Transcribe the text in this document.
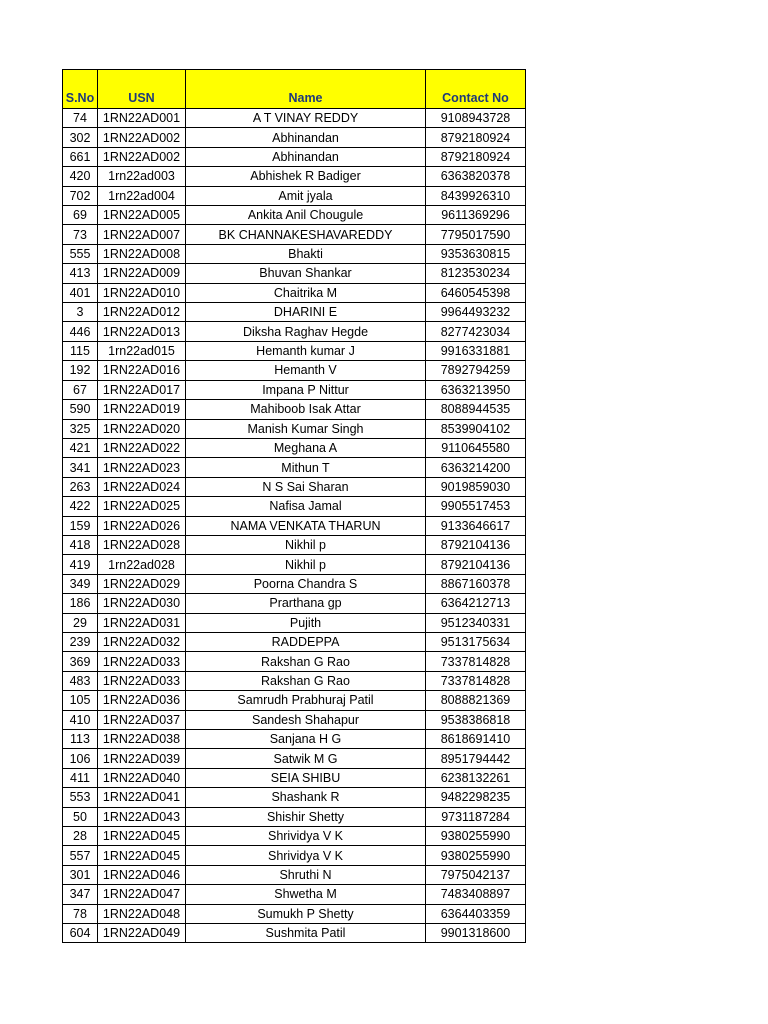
S.No	USN	Name	Contact No
74	1RN22AD001	A T VINAY REDDY	9108943728
302	1RN22AD002	Abhinandan	8792180924
661	1RN22AD002	Abhinandan	8792180924
420	1rn22ad003	Abhishek R Badiger	6363820378
702	1rn22ad004	Amit jyala	8439926310
69	1RN22AD005	Ankita Anil Chougule	9611369296
73	1RN22AD007	BK CHANNAKESHAVAREDDY	7795017590
555	1RN22AD008	Bhakti	9353630815
413	1RN22AD009	Bhuvan Shankar	8123530234
401	1RN22AD010	Chaitrika M	6460545398
3	1RN22AD012	DHARINI E	9964493232
446	1RN22AD013	Diksha Raghav Hegde	8277423034
115	1rn22ad015	Hemanth kumar J	9916331881
192	1RN22AD016	Hemanth V	7892794259
67	1RN22AD017	Impana P Nittur	6363213950
590	1RN22AD019	Mahiboob Isak Attar	8088944535
325	1RN22AD020	Manish Kumar Singh	8539904102
421	1RN22AD022	Meghana A	9110645580
341	1RN22AD023	Mithun T	6363214200
263	1RN22AD024	N S Sai Sharan	9019859030
422	1RN22AD025	Nafisa Jamal	9905517453
159	1RN22AD026	NAMA VENKATA THARUN	9133646617
418	1RN22AD028	Nikhil p	8792104136
419	1rn22ad028	Nikhil p	8792104136
349	1RN22AD029	Poorna Chandra S	8867160378
186	1RN22AD030	Prarthana gp	6364212713
29	1RN22AD031	Pujith	9512340331
239	1RN22AD032	RADDEPPA	9513175634
369	1RN22AD033	Rakshan G Rao	7337814828
483	1RN22AD033	Rakshan G Rao	7337814828
105	1RN22AD036	Samrudh Prabhuraj Patil	8088821369
410	1RN22AD037	Sandesh Shahapur	9538386818
113	1RN22AD038	Sanjana H G	8618691410
106	1RN22AD039	Satwik M G	8951794442
411	1RN22AD040	SEIA SHIBU	6238132261
553	1RN22AD041	Shashank R	9482298235
50	1RN22AD043	Shishir Shetty	9731187284
28	1RN22AD045	Shrividya V K	9380255990
557	1RN22AD045	Shrividya V K	9380255990
301	1RN22AD046	Shruthi N	7975042137
347	1RN22AD047	Shwetha M	7483408897
78	1RN22AD048	Sumukh P Shetty	6364403359
604	1RN22AD049	Sushmita Patil	9901318600
